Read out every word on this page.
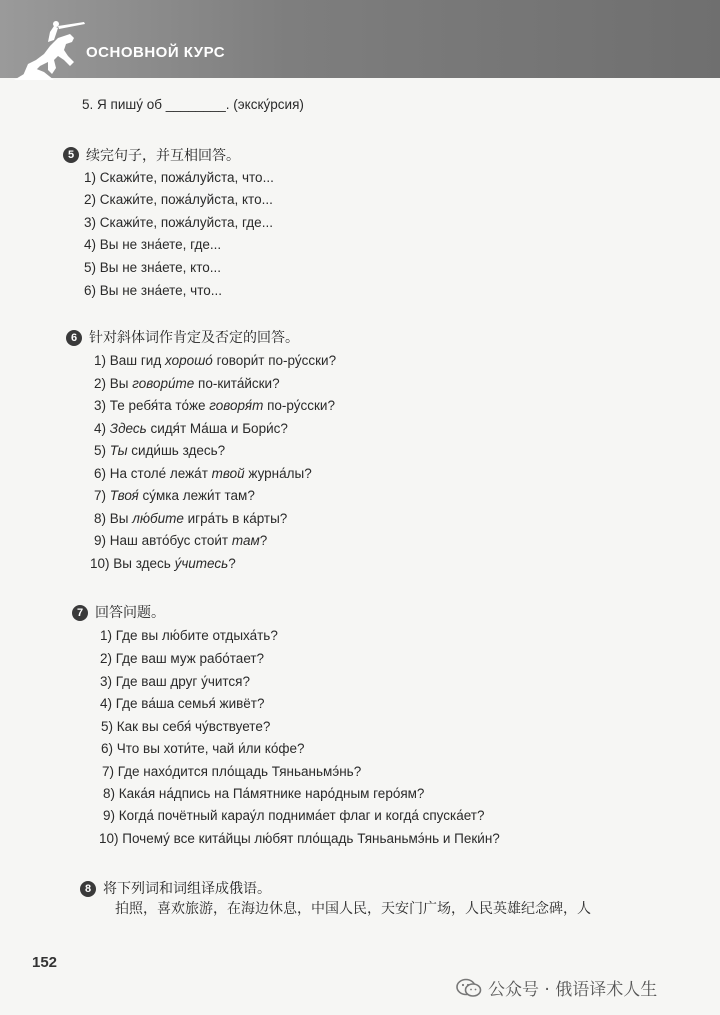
ОСНОВНОЙ КУРС
5. Я пишу́ об ________. (экску́рсия)
5 续完句子，并互相回答。
1) Скажи́те, пожа́луйста, что...
2) Скажи́те, пожа́луйста, кто...
3) Скажи́те, пожа́луйста, где...
4) Вы не зна́ете, где...
5) Вы не зна́ете, кто...
6) Вы не зна́ете, что...
6 针对斜体词作肯定及否定的回答。
1) Ваш гид хорошо́ говори́т по-ру́сски?
2) Вы говори́те по-кита́йски?
3) Те ребя́та то́же говоря́т по-ру́сски?
4) Здесь сидя́т Ма́ша и Бори́с?
5) Ты сиди́шь здесь?
6) На столе́ лежа́т твой журна́лы?
7) Твоя́ су́мка лежи́т там?
8) Вы лю́бите игра́ть в ка́рты?
9) Наш авто́бус стои́т там?
10) Вы здесь у́читесь?
7 回答问题。
1) Где вы лю́бите отдыха́ть?
2) Где ваш муж рабо́тает?
3) Где ваш друг у́чится?
4) Где ва́ша семья́ живёт?
5) Как вы себя́ чу́вствуете?
6) Что вы хоти́те, чай и́ли ко́фе?
7) Где нахо́дится пло́щадь Тяньаньмэ́нь?
8) Кака́я на́дпись на Па́мятнике наро́дным геро́ям?
9) Когда́ почётный карау́л поднима́ет флаг и когда́ спуска́ет?
10) Почему́ все кита́йцы лю́бят пло́щадь Тяньаньмэ́нь и Пеки́н?
8 将下列词和词组译成俄语。
拍照，喜欢旅游，在海边休息，中国人民，天安门广场，人民英雄纪念碑，人
152
公众号 · 俄语译术人生
